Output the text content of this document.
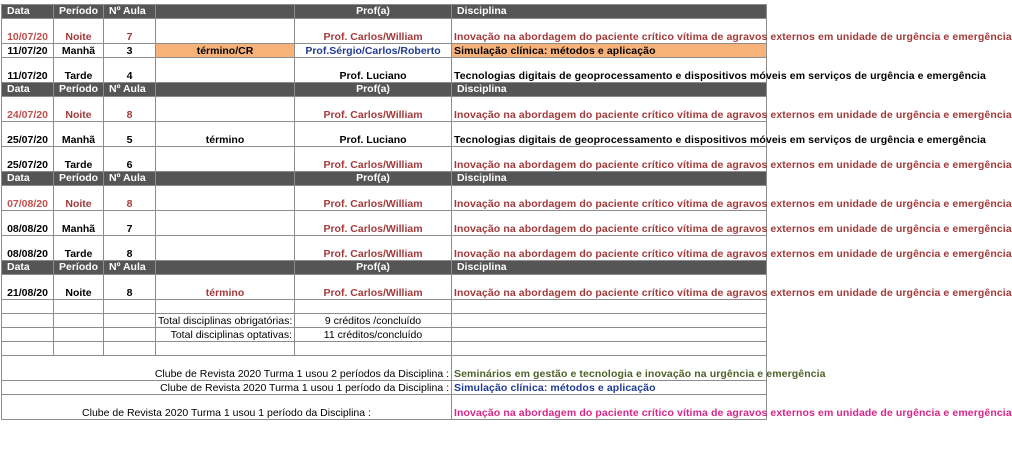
Data	Período	Nº Aula		Prof(a)	Disciplina
10/07/20	Noite	7		Prof. Carlos/William	Inovação na abordagem do paciente crítico vítima de agravos externos em unidade de urgência e emergência
11/07/20	Manhã	3	término/CR	Prof.Sérgio/Carlos/Roberto	Simulação clínica: métodos e aplicação
11/07/20	Tarde	4		Prof. Luciano	Tecnologias digitais de geoprocessamento e dispositivos móveis em serviços de urgência e emergência
Data	Período	Nº Aula		Prof(a)	Disciplina
24/07/20	Noite	8		Prof. Carlos/William	Inovação na abordagem do paciente crítico vítima de agravos externos em unidade de urgência e emergência
25/07/20	Manhã	5	término	Prof. Luciano	Tecnologias digitais de geoprocessamento e dispositivos móveis em serviços de urgência e emergência
25/07/20	Tarde	6		Prof. Carlos/William	Inovação na abordagem do paciente crítico vítima de agravos externos em unidade de urgência e emergência
Data	Período	Nº Aula		Prof(a)	Disciplina
07/08/20	Noite	8		Prof. Carlos/William	Inovação na abordagem do paciente crítico vítima de agravos externos em unidade de urgência e emergência
08/08/20	Manhã	7		Prof. Carlos/William	Inovação na abordagem do paciente crítico vítima de agravos externos em unidade de urgência e emergência
08/08/20	Tarde	8		Prof. Carlos/William	Inovação na abordagem do paciente crítico vítima de agravos externos em unidade de urgência e emergência
Data	Período	Nº Aula		Prof(a)	Disciplina
21/08/20	Noite	8	término	Prof. Carlos/William	Inovação na abordagem do paciente crítico vítima de agravos externos em unidade de urgência e emergência

			Total disciplinas obrigatórias:	9 créditos /concluído	
			Total disciplinas optativas:	11 créditos/concluído	

Clube de Revista 2020 Turma 1 usou 2 períodos da Disciplina :					Seminários em gestão e tecnologia e inovação na urgência e emergência
Clube de Revista 2020 Turma 1 usou 1 período da Disciplina :					Simulação clínica: métodos e aplicação
Clube de Revista 2020 Turma 1 usou 1 período da Disciplina :					Inovação na abordagem do paciente crítico vítima de agravos externos em unidade de urgência e emergência
